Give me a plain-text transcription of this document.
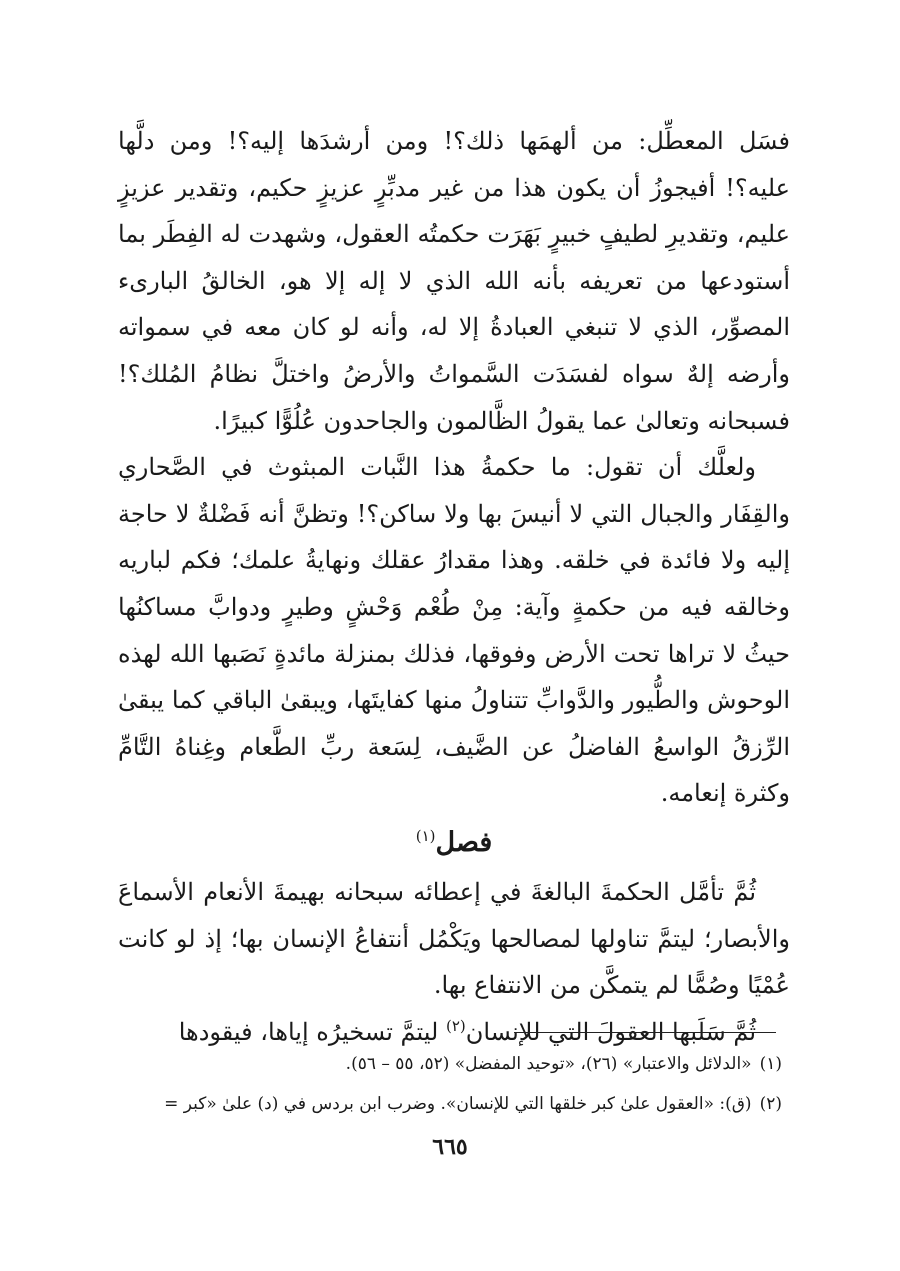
فسَل المعطِّل: من ألهمَها ذلك؟! ومن أرشدَها إليه؟! ومن دلَّها عليه؟! أفيجوزُ أن يكون هذا من غير مدبِّرٍ عزيزٍ حكيم، وتقدير عزيزٍ عليم، وتقديرِ لطيفٍ خبيرٍ بَهَرَت حكمتُه العقول، وشهدت له الفِطَر بما أستودعها من تعريفه بأنه الله الذي لا إله إلا هو، الخالقُ البارىء المصوِّر، الذي لا تنبغي العبادةُ إلا له، وأنه لو كان معه في سمواته وأرضه إلهٌ سواه لفسَدَت السَّمواتُ والأرضُ واختلَّ نظامُ المُلك؟! فسبحانه وتعالىٰ عما يقولُ الظَّالمون والجاحدون عُلُوًّا كبيرًا.

ولعلَّك أن تقول: ما حكمةُ هذا النَّبات المبثوث في الصَّحاري والقِفَار والجبال التي لا أنيسَ بها ولا ساكن؟! وتظنَّ أنه فَضْلةٌ لا حاجة إليه ولا فائدة في خلقه. وهذا مقدارُ عقلك ونهايةُ علمك؛ فكم لباريه وخالقه فيه من حكمةٍ وآية: مِنْ طُعْم وَحْشٍ وطيرٍ ودوابَّ مساكنُها حيثُ لا تراها تحت الأرض وفوقها، فذلك بمنزلة مائدةٍ نَصَبها الله لهذه الوحوش والطُّيور والدَّوابِّ تتناولُ منها كفايتَها، ويبقىٰ الباقي كما يبقىٰ الرِّزقُ الواسعُ الفاضلُ عن الضَّيف، لِسَعة ربِّ الطَّعام وغِناهُ التَّامِّ وكثرة إنعامه.

فصل$^{(١)}$

ثُمَّ تأمَّل الحكمةَ البالغةَ في إعطائه سبحانه بهيمةَ الأنعام الأسماعَ والأبصار؛ ليتمَّ تناولها لمصالحها ويَكْمُل أنتفاعُ الإنسان بها؛ إذ لو كانت عُمْيًا وصُمًّا لم يتمكَّن من الانتفاع بها.

ثُمَّ سَلَبها العقولَ التي للإنسان$^{(٢)}$ ليتمَّ تسخيرُه إياها، فيقودها

(١)«الدلائل والاعتبار» (٢٦)، «توحيد المفضل» (٥٢، ٥٥ – ٥٦).

(٢)(ق): «العقول علىٰ كبر خلقها التي للإنسان». وضرب ابن بردس في (د) علىٰ «كبر =

٦٦٥
